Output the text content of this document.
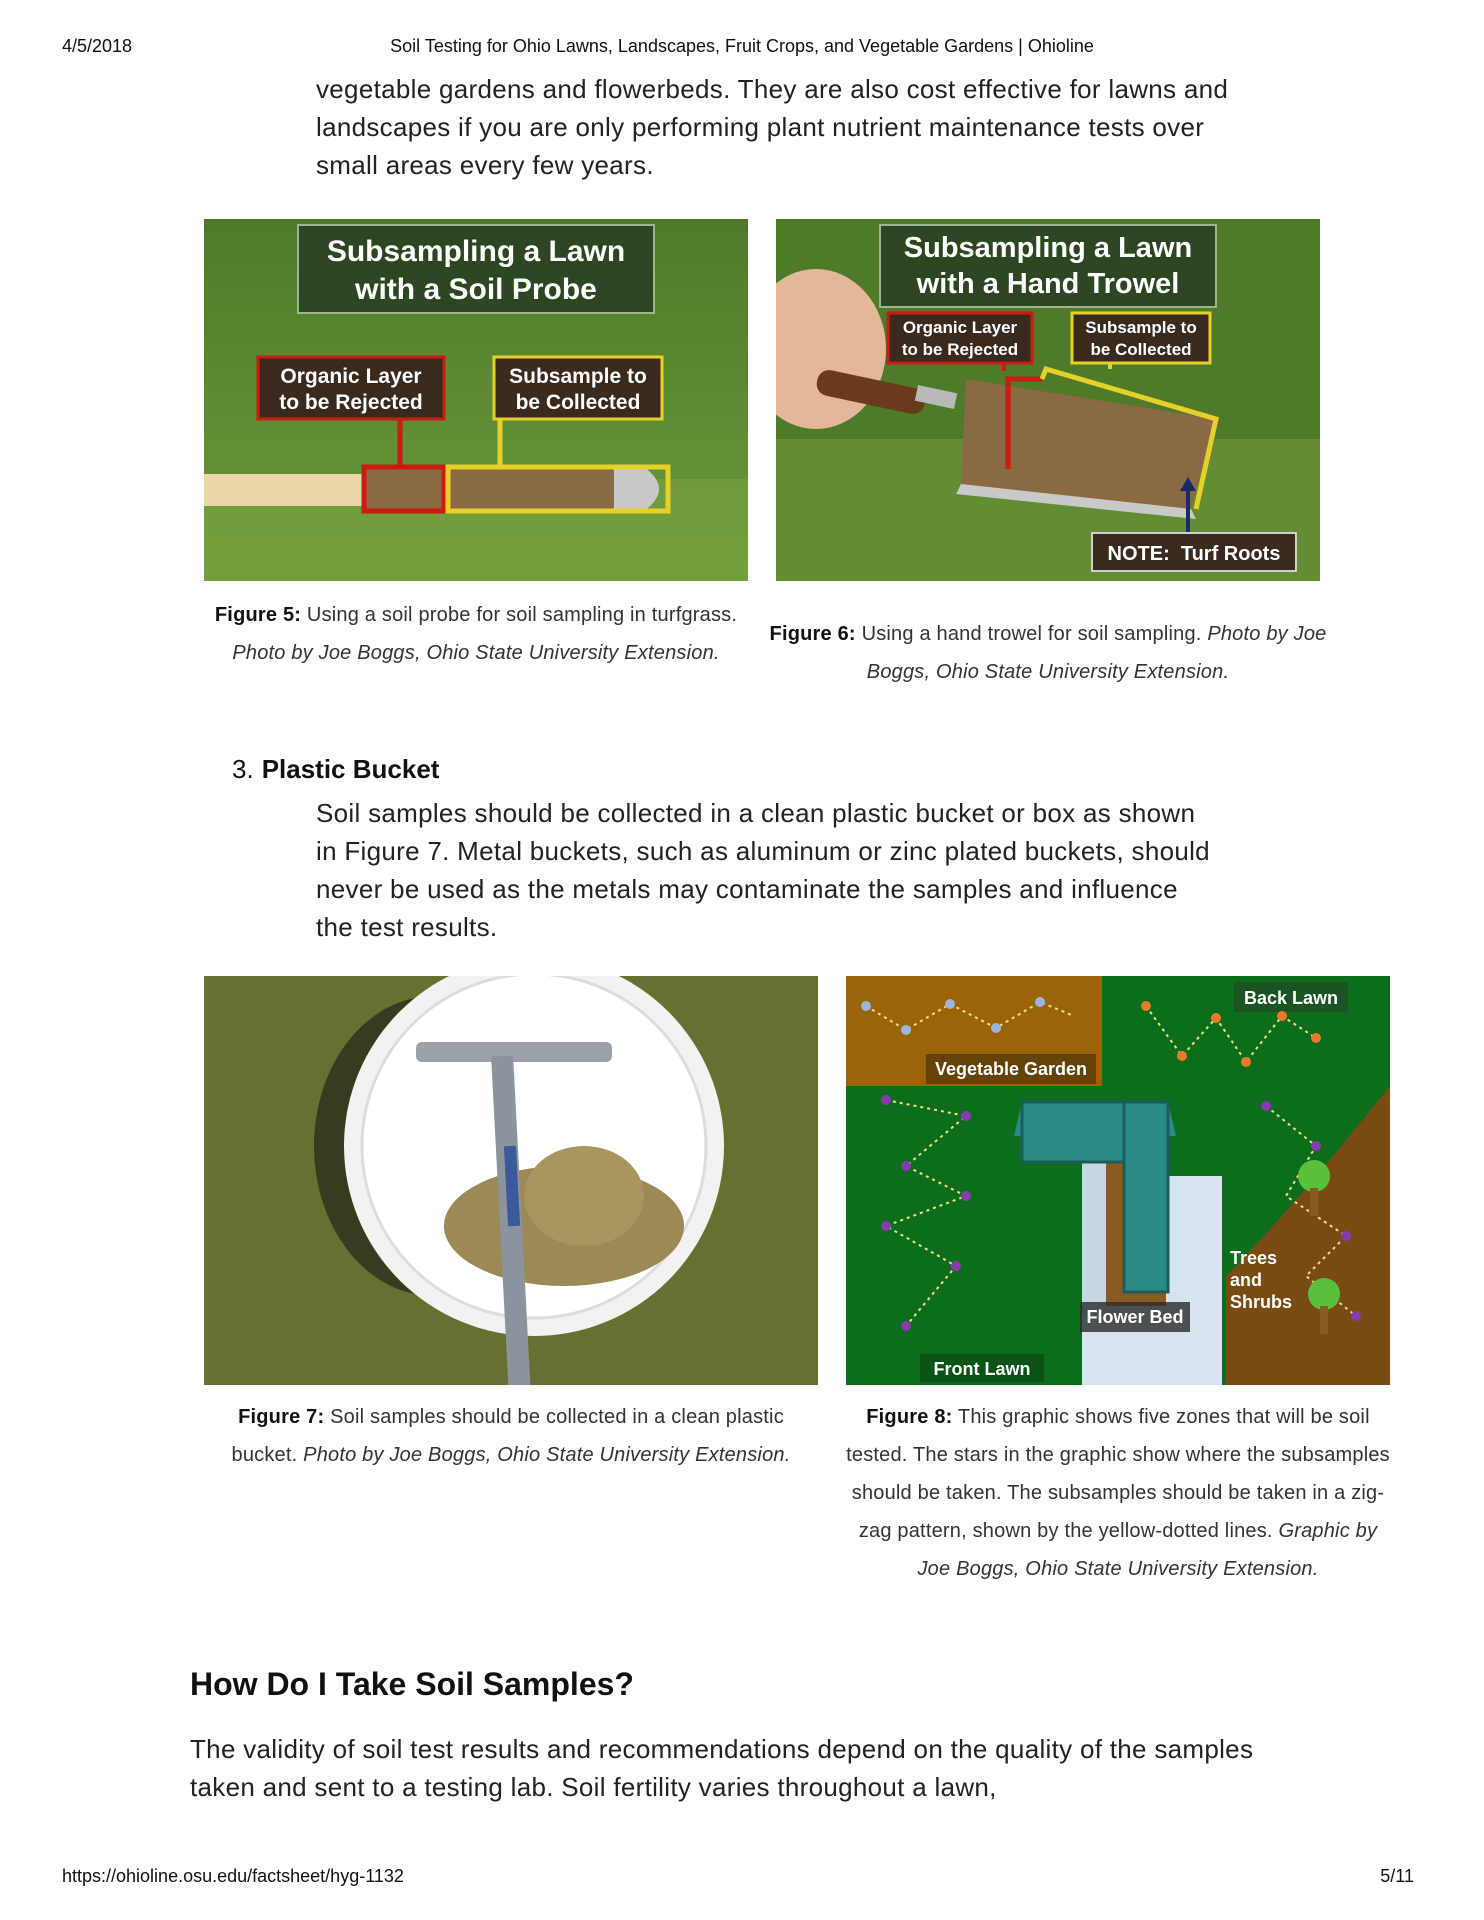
4/5/2018	Soil Testing for Ohio Lawns, Landscapes, Fruit Crops, and Vegetable Gardens | Ohioline
vegetable gardens and flowerbeds. They are also cost effective for lawns and landscapes if you are only performing plant nutrient maintenance tests over small areas every few years.
Subsampling a Lawn
with a Soil Probe
Organic Layer
to be Rejected
Subsample to
be Collected
Figure 5: Using a soil probe for soil sampling in turfgrass. Photo by Joe Boggs, Ohio State University Extension.
Subsampling a Lawn
with a Hand Trowel
Organic Layer
to be Rejected
Subsample to
be Collected
NOTE:  Turf Roots
Figure 6: Using a hand trowel for soil sampling. Photo by Joe Boggs, Ohio State University Extension.
3. Plastic Bucket
Soil samples should be collected in a clean plastic bucket or box as shown in Figure 7. Metal buckets, such as aluminum or zinc plated buckets, should never be used as the metals may contaminate the samples and influence the test results.
Figure 7: Soil samples should be collected in a clean plastic bucket. Photo by Joe Boggs, Ohio State University Extension.
Back Lawn
Vegetable Garden
Trees
and
Shrubs
Flower Bed
Front Lawn
Figure 8: This graphic shows five zones that will be soil tested. The stars in the graphic show where the subsamples should be taken. The subsamples should be taken in a zig-zag pattern, shown by the yellow-dotted lines. Graphic by Joe Boggs, Ohio State University Extension.
How Do I Take Soil Samples?
The validity of soil test results and recommendations depend on the quality of the samples taken and sent to a testing lab. Soil fertility varies throughout a lawn,
https://ohioline.osu.edu/factsheet/hyg-1132	5/11
